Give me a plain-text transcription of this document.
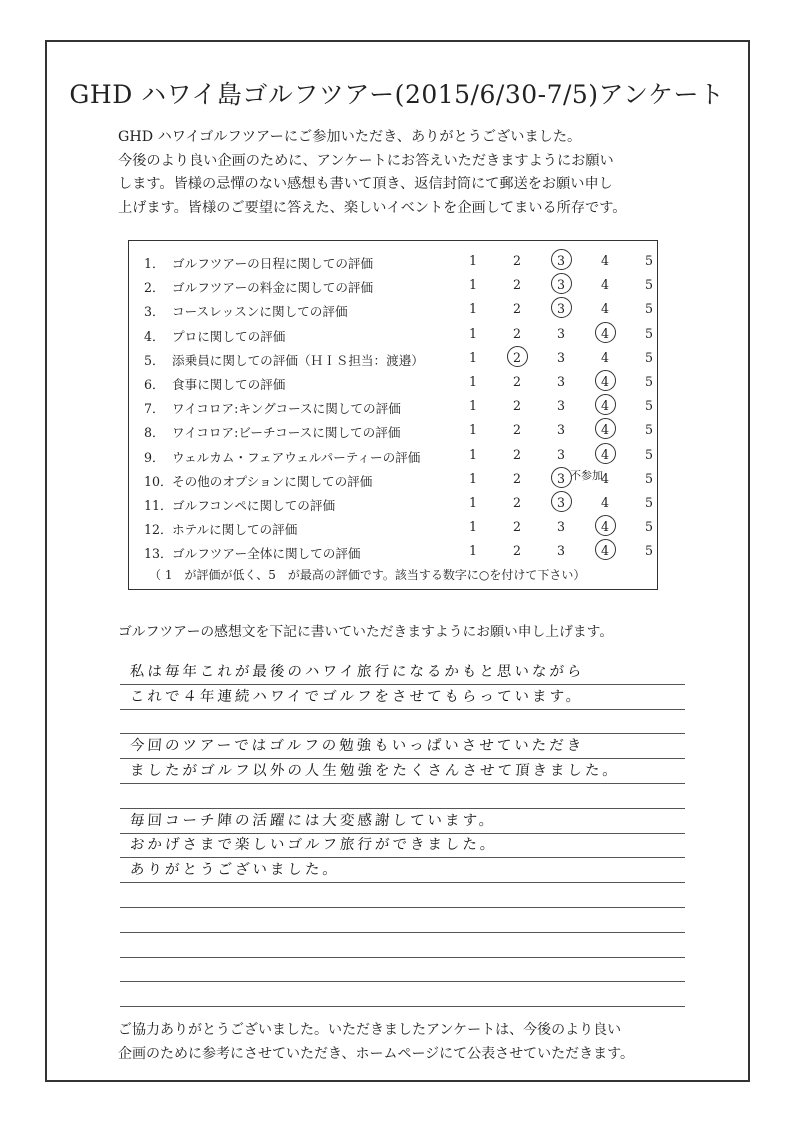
GHD ハワイ島ゴルフツアー(2015/6/30-7/5)アンケート

GHD ハワイゴルフツアーにご参加いただき、ありがとうございました。

今後のより良い企画のために、アンケートにお答えいただきますようにお願い

します。皆様の忌憚のない感想も書いて頂き、返信封筒にて郵送をお願い申し

上げます。皆様のご要望に答えた、楽しいイベントを企画してまいる所存です。

（ 1　が評価が低く、5　が最高の評価です。該当する数字に○を付けて下さい）
1． ゴルフツアーの日程に関しての評価	1	2	3	4	5
2． ゴルフツアーの料金に関しての評価	1	2	3	4	5
3． コースレッスンに関しての評価	1	2	3	4	5
4． プロに関しての評価	1	2	3	4	5
5． 添乗員に関しての評価（ＨＩＳ担当：渡邉）	1	2	3	4	5
6． 食事に関しての評価	1	2	3	4	5
7． ワイコロア:キングコースに関しての評価	1	2	3	4	5
8． ワイコロア:ビーチコースに関しての評価	1	2	3	4	5
9． ウェルカム・フェアウェルパーティーの評価	1	2	3	4	5
10．その他のオプションに関しての評価	1	2	3	4	5
不参加
11．ゴルフコンペに関しての評価	1	2	3	4	5
12．ホテルに関しての評価	1	2	3	4	5
13．ゴルフツアー全体に関しての評価	1	2	3	4	5
ゴルフツアーの感想文を下記に書いていただきますようにお願い申し上げます。
私は毎年これが最後のハワイ旅行になるかもと思いながら
これで４年連続ハワイでゴルフをさせてもらっています。
今回のツアーではゴルフの勉強もいっぱいさせていただき
ましたがゴルフ以外の人生勉強をたくさんさせて頂きました。
毎回コーチ陣の活躍には大変感謝しています。
おかげさまで楽しいゴルフ旅行ができました。
ありがとうございました。

ご協力ありがとうございました。いただきましたアンケートは、今後のより良い

企画のために参考にさせていただき、ホームページにて公表させていただきます。
